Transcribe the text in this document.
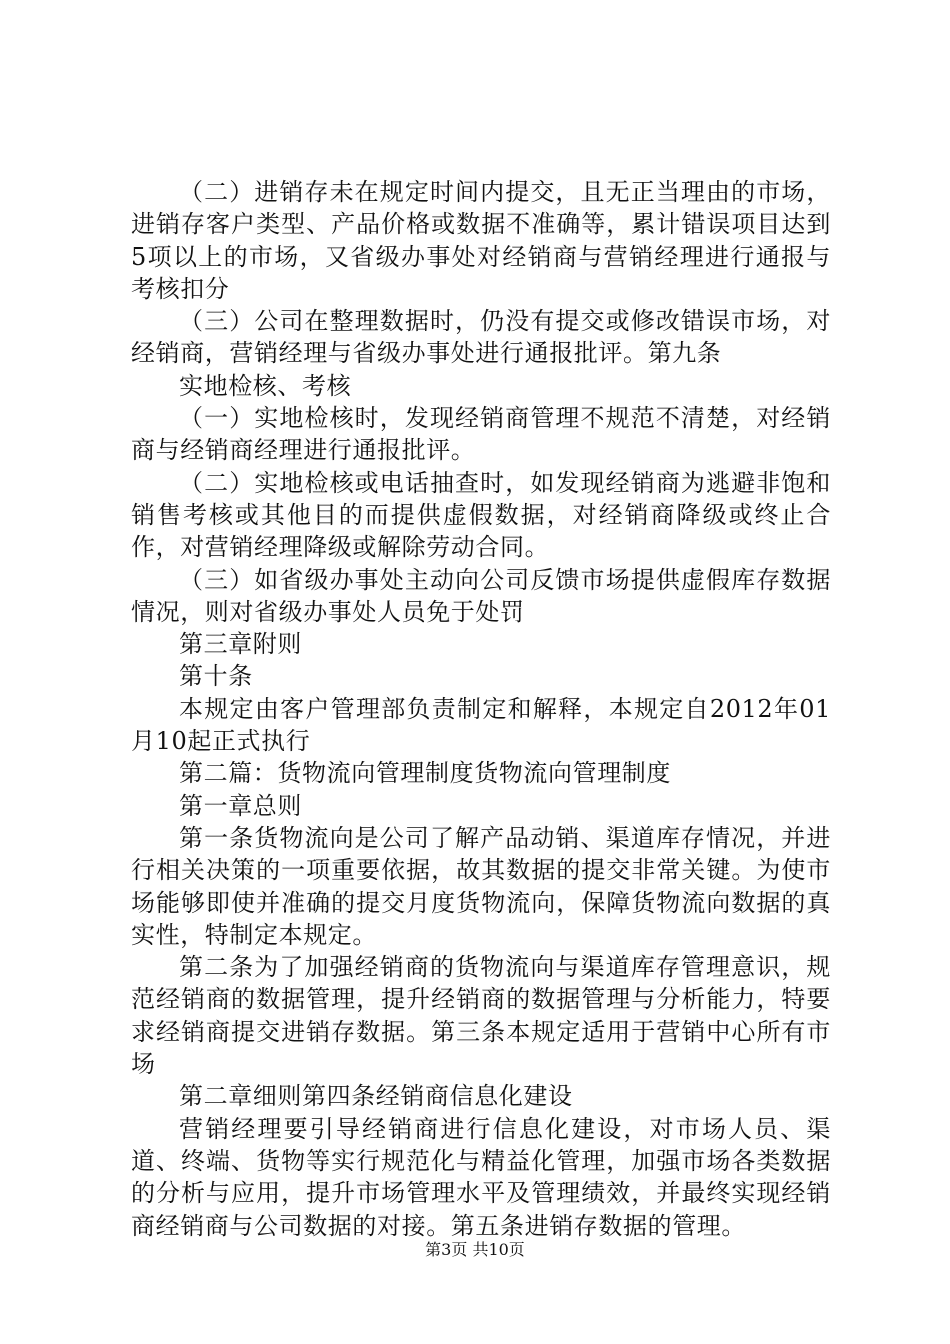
（二）进销存未在规定时间内提交，且无正当理由的市场，进销存客户类型、产品价格或数据不准确等，累计错误项目达到5项以上的市场，又省级办事处对经销商与营销经理进行通报与考核扣分

（三）公司在整理数据时，仍没有提交或修改错误市场，对经销商，营销经理与省级办事处进行通报批评。第九条

实地检核、考核

（一）实地检核时，发现经销商管理不规范不清楚，对经销商与经销商经理进行通报批评。

（二）实地检核或电话抽查时，如发现经销商为逃避非饱和销售考核或其他目的而提供虚假数据，对经销商降级或终止合作，对营销经理降级或解除劳动合同。

（三）如省级办事处主动向公司反馈市场提供虚假库存数据情况，则对省级办事处人员免于处罚

第三章附则

第十条

本规定由客户管理部负责制定和解释，本规定自2012年01月10起正式执行

第二篇：货物流向管理制度货物流向管理制度

第一章总则

第一条货物流向是公司了解产品动销、渠道库存情况，并进行相关决策的一项重要依据，故其数据的提交非常关键。为使市场能够即使并准确的提交月度货物流向，保障货物流向数据的真实性，特制定本规定。

第二条为了加强经销商的货物流向与渠道库存管理意识，规范经销商的数据管理，提升经销商的数据管理与分析能力，特要求经销商提交进销存数据。第三条本规定适用于营销中心所有市场

第二章细则第四条经销商信息化建设

营销经理要引导经销商进行信息化建设，对市场人员、渠道、终端、货物等实行规范化与精益化管理，加强市场各类数据的分析与应用，提升市场管理水平及管理绩效，并最终实现经销商经销商与公司数据的对接。第五条进销存数据的管理。

第3页 共10页
